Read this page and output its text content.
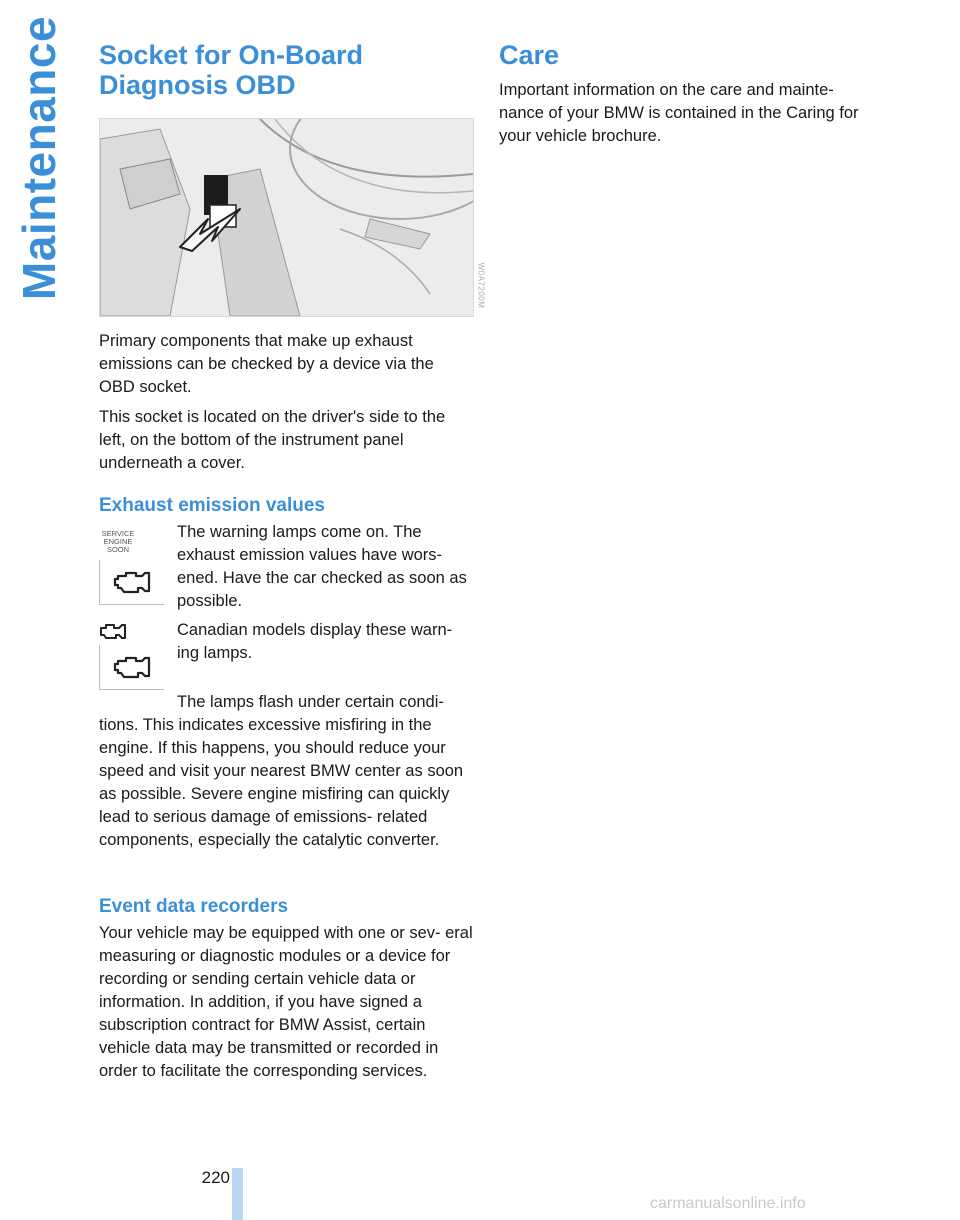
Maintenance Socket for On-Board Diagnosis OBD
W0A7200M

Primary components that make up exhaust emissions can be checked by a device via the OBD socket.

This socket is located on the driver's side to the left, on the bottom of the instrument panel underneath a cover.

Exhaust emission values
SERVICE ENGINE SOON

The warning lamps come on. The exhaust emission values have wors- ened. Have the car checked as soon as possible.

Canadian models display these warn- ing lamps.

The lamps flash under certain condi-

tions. This indicates excessive misfiring in the engine. If this happens, you should reduce your speed and visit your nearest BMW center as soon as possible. Severe engine misfiring can quickly lead to serious damage of emissions- related components, especially the catalytic converter.

Event data recorders

Your vehicle may be equipped with one or sev- eral measuring or diagnostic modules or a device for recording or sending certain vehicle data or information. In addition, if you have signed a subscription contract for BMW Assist, certain vehicle data may be transmitted or recorded in order to facilitate the corresponding services.

Care

Important information on the care and mainte- nance of your BMW is contained in the Caring for your vehicle brochure.

220
carmanualsonline.info
